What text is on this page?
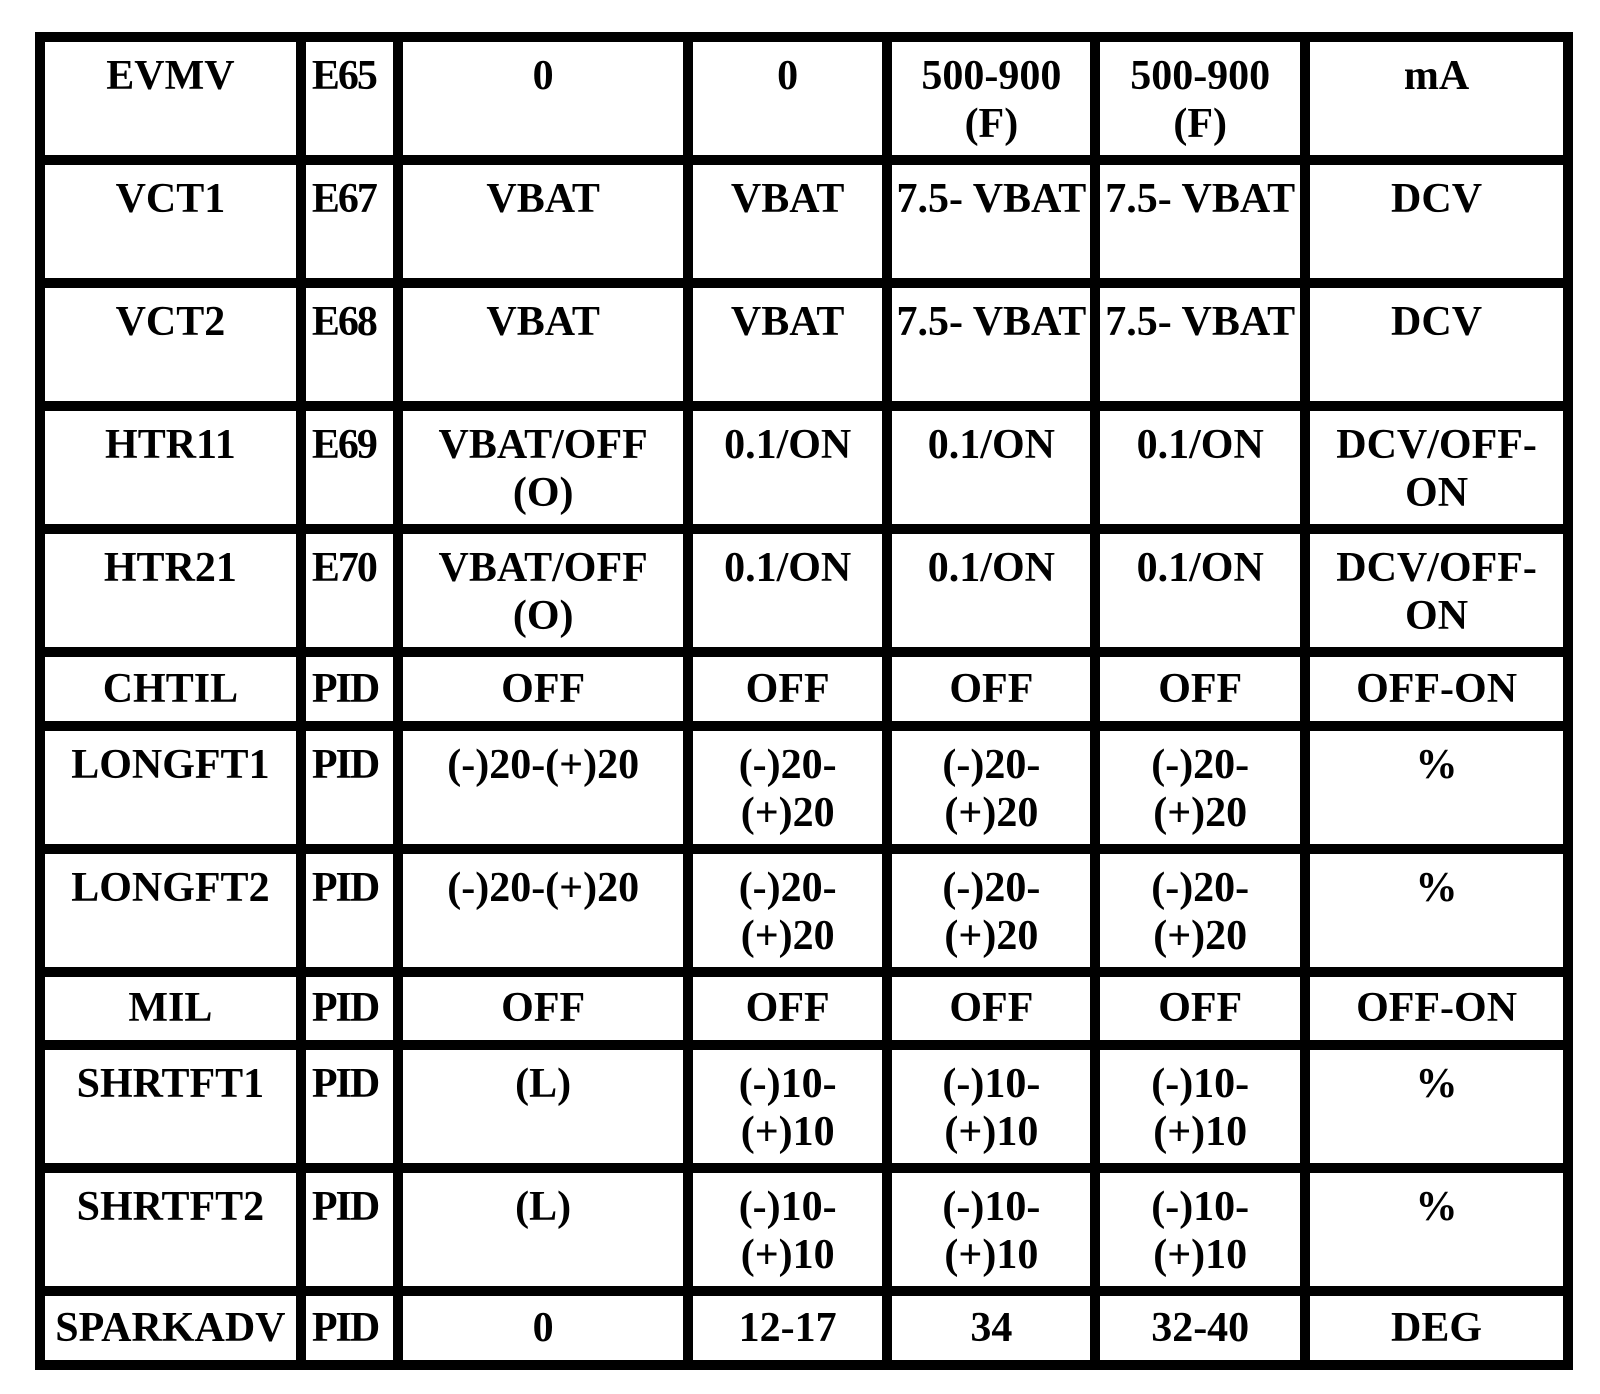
EVMV	E65	0	0	500-900 (F)	500-900 (F)	mA
VCT1	E67	VBAT	VBAT	7.5- VBAT	7.5- VBAT	DCV
VCT2	E68	VBAT	VBAT	7.5- VBAT	7.5- VBAT	DCV
HTR11	E69	VBAT/OFF (O)	0.1/ON	0.1/ON	0.1/ON	DCV/OFF- ON
HTR21	E70	VBAT/OFF (O)	0.1/ON	0.1/ON	0.1/ON	DCV/OFF- ON
CHTIL	PID	OFF	OFF	OFF	OFF	OFF-ON
LONGFT1	PID	(-)20-(+)20	(-)20- (+)20	(-)20- (+)20	(-)20- (+)20	%
LONGFT2	PID	(-)20-(+)20	(-)20- (+)20	(-)20- (+)20	(-)20- (+)20	%
MIL	PID	OFF	OFF	OFF	OFF	OFF-ON
SHRTFT1	PID	(L)	(-)10- (+)10	(-)10- (+)10	(-)10- (+)10	%
SHRTFT2	PID	(L)	(-)10- (+)10	(-)10- (+)10	(-)10- (+)10	%
SPARKADV	PID	0	12-17	34	32-40	DEG
